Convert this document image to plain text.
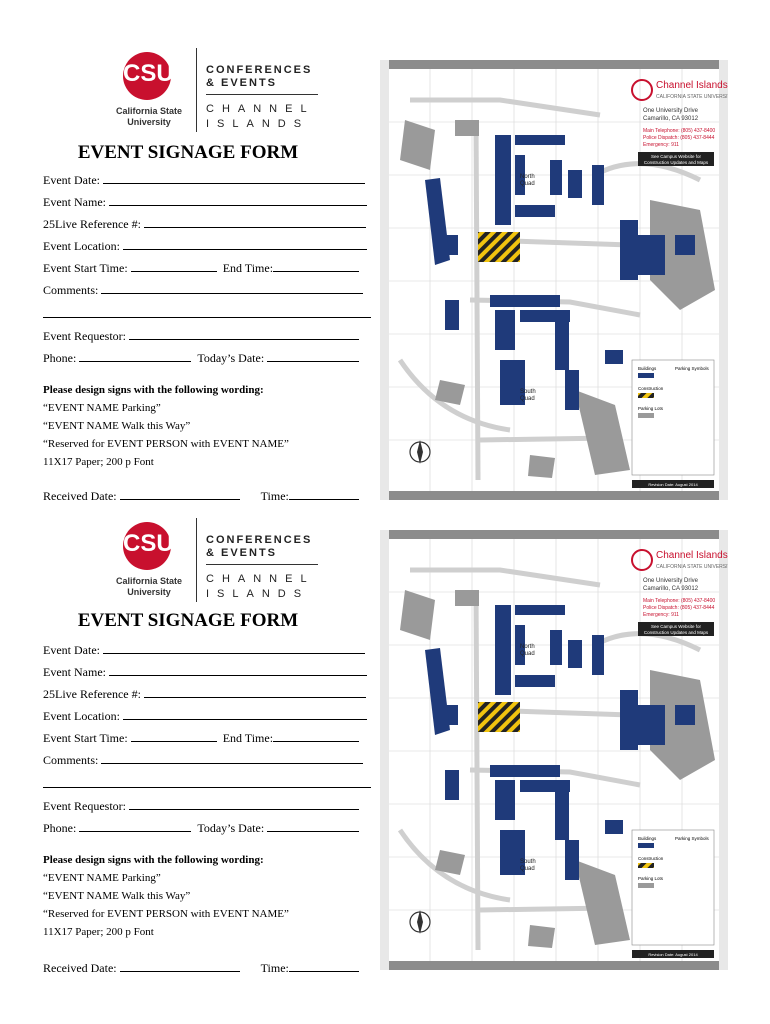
CSU
California State
University
CONFERENCES
& EVENTS
CHANNEL
ISLANDS
EVENT SIGNAGE FORM
Event Date:
Event Name:
25Live Reference #:
Event Location:
Event Start Time:	End Time:
Comments:
Event Requestor:
Phone:	Today’s Date:
Please design signs with the following wording:
“EVENT NAME Parking”
“EVENT NAME Walk this Way”
“Reserved for EVENT PERSON with EVENT NAME”
11X17 Paper; 200 p Font
Received Date:	Time:
CSU
California State
University
CONFERENCES
& EVENTS
CHANNEL
ISLANDS
EVENT SIGNAGE FORM
Event Date:
Event Name:
25Live Reference #:
Event Location:
Event Start Time:	End Time:
Comments:
Event Requestor:
Phone:	Today’s Date:
Please design signs with the following wording:
“EVENT NAME Parking”
“EVENT NAME Walk this Way”
“Reserved for EVENT PERSON with EVENT NAME”
11X17 Paper; 200 p Font
Received Date:	Time:
